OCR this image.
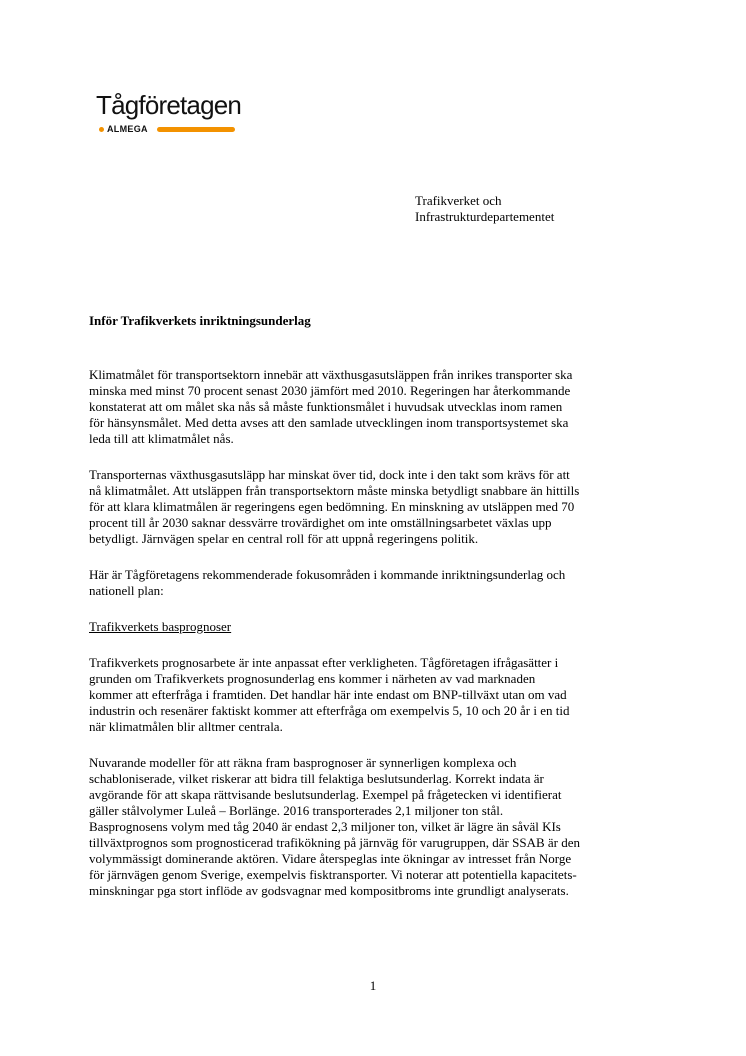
Tågföretagen
ALMEGA
Trafikverket och
Infrastrukturdepartementet

Inför Trafikverkets inriktningsunderlag

Klimatmålet för transportsektorn innebär att växthusgasutsläppen från inrikes transporter ska
minska med minst 70 procent senast 2030 jämfört med 2010. Regeringen har återkommande
konstaterat att om målet ska nås så måste funktionsmålet i huvudsak utvecklas inom ramen
för hänsynsmålet. Med detta avses att den samlade utvecklingen inom transportsystemet ska
leda till att klimatmålet nås.

Transporternas växthusgasutsläpp har minskat över tid, dock inte i den takt som krävs för att
nå klimatmålet. Att utsläppen från transportsektorn måste minska betydligt snabbare än hittills
för att klara klimatmålen är regeringens egen bedömning. En minskning av utsläppen med 70
procent till år 2030 saknar dessvärre trovärdighet om inte omställningsarbetet växlas upp
betydligt. Järnvägen spelar en central roll för att uppnå regeringens politik.

Här är Tågföretagens rekommenderade fokusområden i kommande inriktningsunderlag och
nationell plan:

Trafikverkets basprognoser

Trafikverkets prognosarbete är inte anpassat efter verkligheten. Tågföretagen ifrågasätter i
grunden om Trafikverkets prognosunderlag ens kommer i närheten av vad marknaden
kommer att efterfråga i framtiden. Det handlar här inte endast om BNP-tillväxt utan om vad
industrin och resenärer faktiskt kommer att efterfråga om exempelvis 5, 10 och 20 år i en tid
när klimatmålen blir alltmer centrala.

Nuvarande modeller för att räkna fram basprognoser är synnerligen komplexa och
schabloniserade, vilket riskerar att bidra till felaktiga beslutsunderlag. Korrekt indata är
avgörande för att skapa rättvisande beslutsunderlag. Exempel på frågetecken vi identifierat
gäller stålvolymer Luleå – Borlänge. 2016 transporterades 2,1 miljoner ton stål.
Basprognosens volym med tåg 2040 är endast 2,3 miljoner ton, vilket är lägre än såväl KIs
tillväxtprognos som prognosticerad trafikökning på järnväg för varugruppen, där SSAB är den
volymmässigt dominerande aktören. Vidare återspeglas inte ökningar av intresset från Norge
för järnvägen genom Sverige, exempelvis fisktransporter. Vi noterar att potentiella kapacitets-
minskningar pga stort inflöde av godsvagnar med kompositbroms inte grundligt analyserats.

1
